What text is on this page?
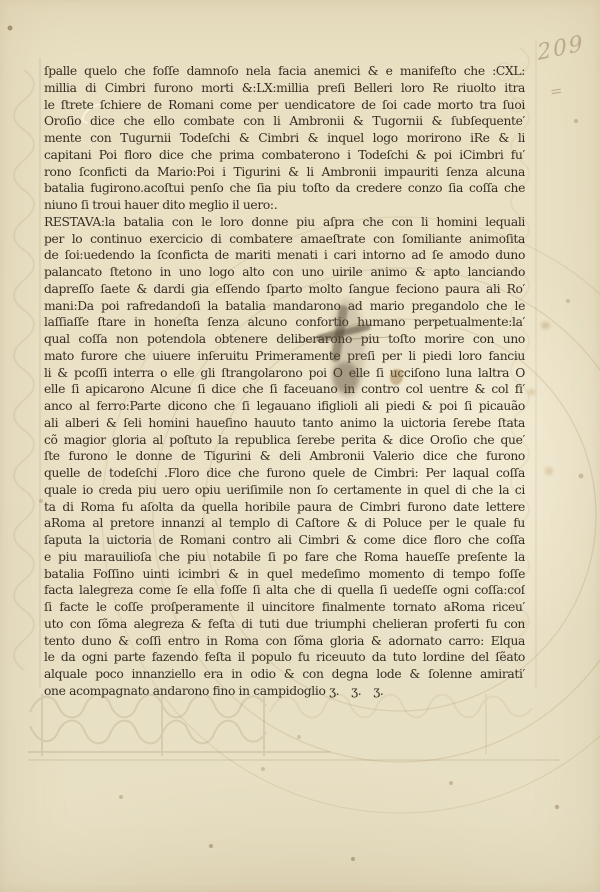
209
=
ſpalle quelo che foſſe damnoſo nela facia anemici & e manifeſto che :CXL:
millia di Cimbri furono morti &:LX:millia preſi Belleri loro Re riuolto itra
le ſtrete ſchiere de Romani come per uendicatore de ſoi cade morto tra ſuoi
Oroſio dice che ello combate con li Ambronii & Tugornii & ſubſequente′
mente con Tugurnii Todeſchi & Cimbri & inquel logo morirono iRe & li
capitani Poi floro dice che prima combaterono i Todeſchi & poi iCimbri fu′
rono ſconficti da Mario:Poi i Tigurini & li Ambronii impauriti ſenza alcuna
batalia fugirono.acoſtui penſo che ſia piu toſto da credere conzo ſia coſſa che
niuno ſi troui hauer dito meglio il uero:.
RESTAVA:la batalia con le loro donne piu aſpra che con li homini lequali
per lo continuo exercicio di combatere amaeſtrate con ſomiliante animoſita
de ſoi:uedendo la ſconficta de mariti menati i cari intorno ad ſe amodo duno
palancato ſtetono in uno logo alto con uno uirile animo & apto lanciando
dapreſſo ſaete & dardi gia eſſendo ſparto molto ſangue feciono paura ali Ro′
mani:Da poi rafredandoſi la batalia mandarono ad mario pregandolo che le
laſſiaſſe ſtare in honeſta ſenza alcuno confortio humano perpetualmente:la′
qual coſſa non potendola obtenere deliberarono piu toſto morire con uno
mato furore che uiuere inſeruitu Primeramente preſi per li piedi loro fanciu
li & pcoſſi interra o elle gli ſtrangolarono poi O elle ſi ucciſono luna laltra O
elle ſi apicarono Alcune ſi dice che ſi faceuano in contro col uentre & col fi′
anco al ferro:Parte dicono che ſi legauano ifiglioli ali piedi & poi ſi picauão
ali alberi & ſeli homini haueſino hauuto tanto animo la uictoria ſerebe ſtata
cõ magior gloria al poſtuto la republica ſerebe perita & dice Oroſio che que′
ſte furono le donne de Tigurini & deli Ambronii Valerio dice che furono
quelle de todeſchi .Floro dice che furono quele de Cimbri: Per laqual coſſa
quale io creda piu uero opiu ueriſimile non ſo certamente in quel di che la ci
ta di Roma fu aſolta da quella horibile paura de Cimbri furono date lettere
aRoma al pretore innanzi al templo di Caſtore & di Poluce per le quale fu
ſaputa la uictoria de Romani contro ali Cimbri & come dice floro che coſſa
e piu marauilioſa che piu notabile ſi po fare che Roma haueſſe preſente la
batalia Foſſino uinti icimbri & in quel medeſimo momento di tempo foſſe
facta lalegreza come ſe ella foſſe ſi alta che di quella ſi uedeſſe ogni coſſa:coſ
ſi facte le coſſe proſperamente il uincitore finalmente tornato aRoma riceu′
uto con ſõma alegreza & feſta di tuti due triumphi chelieran proferti fu con
tento duno & coſſi entro in Roma con ſõma gloria & adornato carro: Elqua
le da ogni parte fazendo feſta il populo fu riceuuto da tuto lordine del ſẽato
alquale poco innanziello era in odio & con degna lode & ſolenne amirati′
one acompagnato andarono fino in campidoglio ʒ. ʒ. ʒ.
